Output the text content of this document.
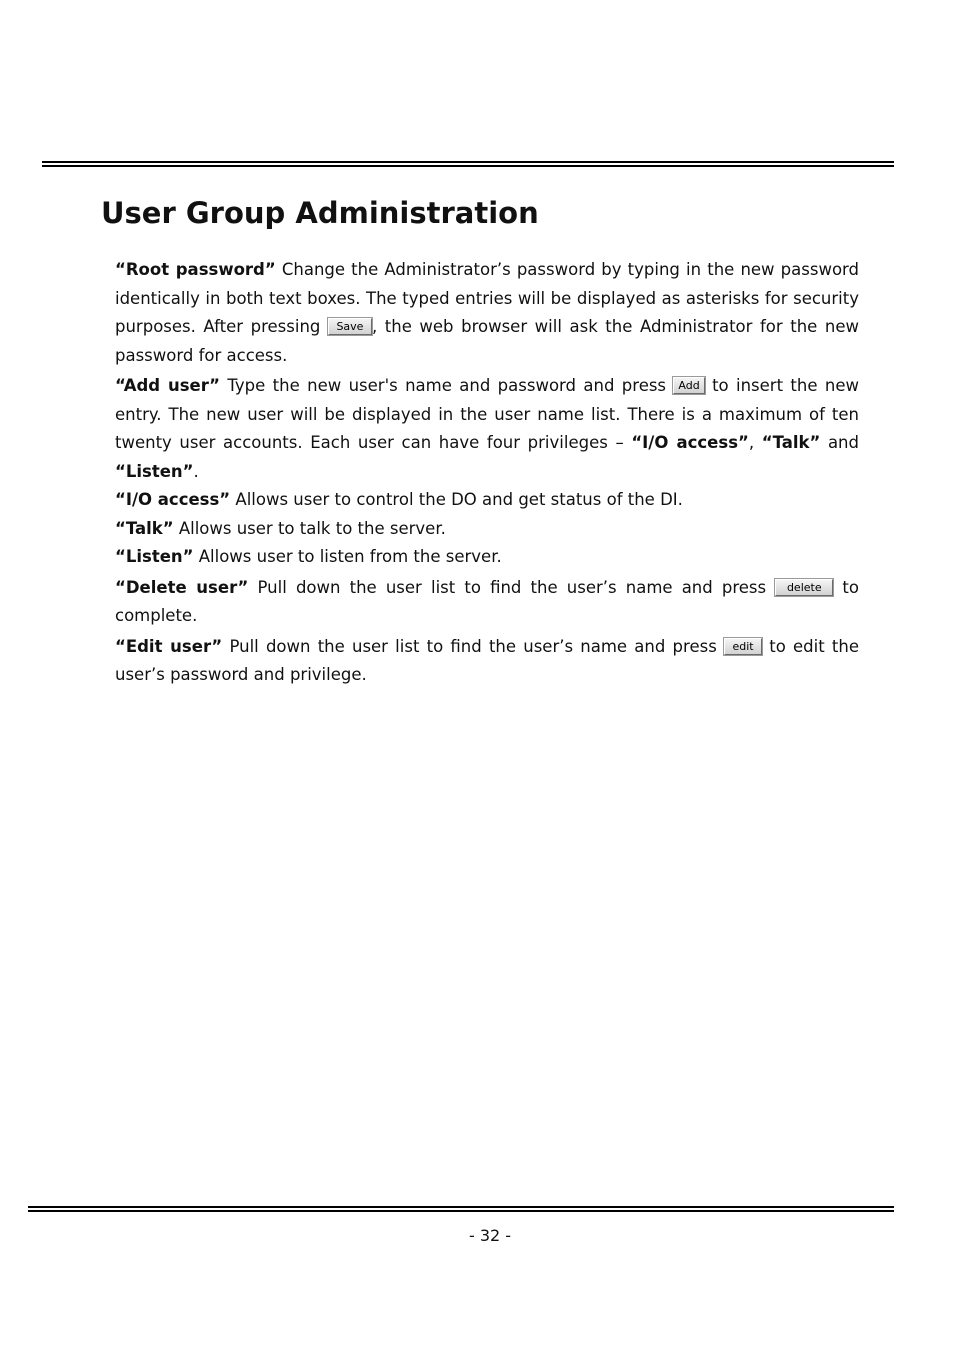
User Group Administration

“Root password” Change the Administrator’s password by typing in the new password identically in both text boxes. The typed entries will be displayed as asterisks for security purposes. After pressing Save , the web browser will ask the Administrator for the new password for access.

“Add user” Type the new user's name and password and press Add to insert the new entry. The new user will be displayed in the user name list. There is a maximum of ten twenty user accounts. Each user can have four privileges – “I/O access”, “Talk” and “Listen”.

“I/O access” Allows user to control the DO and get status of the DI.

“Talk” Allows user to talk to the server.

“Listen” Allows user to listen from the server.

“Delete user” Pull down the user list to find the user’s name and press delete to complete.

“Edit user” Pull down the user list to find the user’s name and press edit to edit the user’s password and privilege.

- 32 -
